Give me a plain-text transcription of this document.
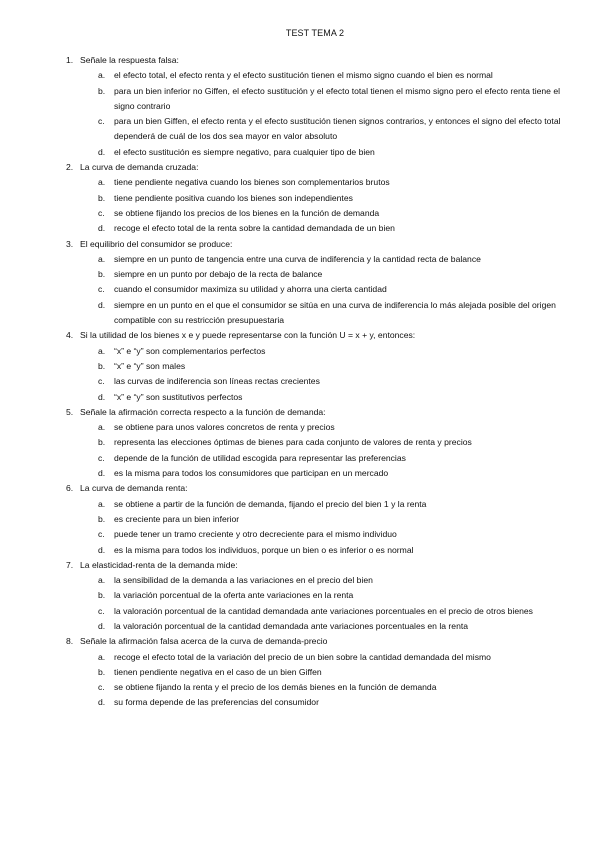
TEST TEMA 2
1. Señale la respuesta falsa:
a. el efecto total, el efecto renta y el efecto sustitución tienen el mismo signo cuando el bien es normal
b. para un bien inferior no Giffen, el efecto sustitución y el efecto total tienen el mismo signo pero el efecto renta tiene el signo contrario
c. para un bien Giffen, el efecto renta y el efecto sustitución tienen signos contrarios, y entonces el signo del efecto total dependerá de cuál de los dos sea mayor en valor absoluto
d. el efecto sustitución es siempre negativo, para cualquier tipo de bien
2. La curva de demanda cruzada:
a. tiene pendiente negativa cuando los bienes son complementarios brutos
b. tiene pendiente positiva cuando los bienes son independientes
c. se obtiene fijando los precios de los bienes en la función de demanda
d. recoge el efecto total de la renta sobre la cantidad demandada de un bien
3. El equilibrio del consumidor se produce:
a. siempre en un punto de tangencia entre una curva de indiferencia y la cantidad recta de balance
b. siempre en un punto por debajo de la recta de balance
c. cuando el consumidor maximiza su utilidad y ahorra una cierta cantidad
d. siempre en un punto en el que el consumidor se sitúa en una curva de indiferencia lo más alejada posible del origen compatible con su restricción presupuestaria
4. Si la utilidad de los bienes x e y puede representarse con la función U = x + y, entonces:
a. “x” e “y” son complementarios perfectos
b. “x” e “y” son males
c. las curvas de indiferencia son líneas rectas crecientes
d. “x” e “y” son sustitutivos perfectos
5. Señale la afirmación correcta respecto a la función de demanda:
a. se obtiene para unos valores concretos de renta y precios
b. representa las elecciones óptimas de bienes para cada conjunto de valores de renta y precios
c. depende de la función de utilidad escogida para representar las preferencias
d. es la misma para todos los consumidores que participan en un mercado
6. La curva de demanda renta:
a. se obtiene a partir de la función de demanda, fijando el precio del bien 1 y la renta
b. es creciente para un bien inferior
c. puede tener un tramo creciente y otro decreciente para el mismo individuo
d. es la misma para todos los individuos, porque un bien o es inferior o es normal
7. La elasticidad-renta de la demanda mide:
a. la sensibilidad de la demanda a las variaciones en el precio del bien
b. la variación porcentual de la oferta ante variaciones en la renta
c. la valoración porcentual de la cantidad demandada ante variaciones porcentuales en el precio de otros bienes
d. la valoración porcentual de la cantidad demandada ante variaciones porcentuales en la renta
8. Señale la afirmación falsa acerca de la curva de demanda-precio
a. recoge el efecto total de la variación del precio de un bien sobre la cantidad demandada del mismo
b. tienen pendiente negativa en el caso de un bien Giffen
c. se obtiene fijando la renta y el precio de los demás bienes en la función de demanda
d. su forma depende de las preferencias del consumidor
